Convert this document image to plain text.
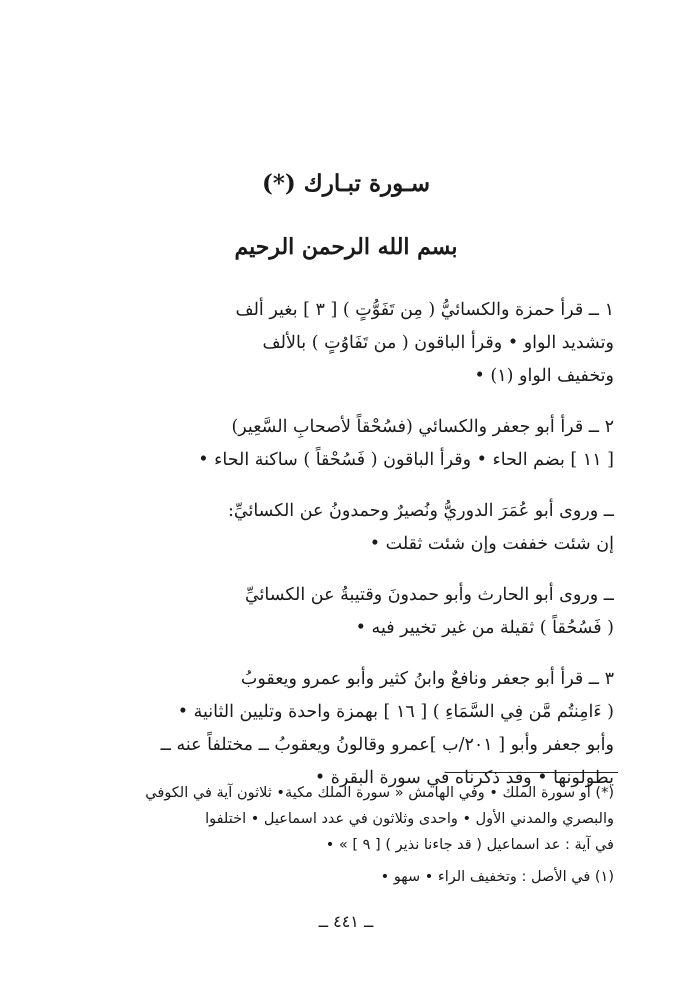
سـورة تبـارك (*)
بسم الله الرحمن الرحيم

١ ــ قرأ حمزة والكسائيُّ ( مِن تَفَوُّتٍ ) [ ٣ ] بغير ألف

وتشديد الواو • وقرأ الباقون ( من تَفَاوُتٍ ) بالألف

وتخفيف الواو (١) •

٢ ــ قرأ أبو جعفر والكسائي (فسُحْقاً لأصحابِ السَّعِير)

[ ١١ ] بضم الحاء • وقرأ الباقون ( فَسُحْقاً ) ساكنة الحاء •

ــ وروى أبو عُمَرَ الدوريُّ ونُصيرٌ وحمدونُ عن الكسائيِّ:

إن شئت خففت وإن شئت ثقلت •

ــ وروى أبو الحارث وأبو حمدونَ وقتيبةُ عن الكسائيِّ

( فَسُحُقاً ) ثقيلة من غير تخيير فيه •

٣ ــ قرأ أبو جعفر ونافعٌ وابنُ كثير وأبو عمرو ويعقوبُ

( ءَامِنتُم مَّن فِي السَّمَاءِ ) [ ١٦ ] بهمزة واحدة وتليين الثانية •

وأبو جعفر وأبو [ ٢٠١/ب ]عمرو وقالونُ ويعقوبُ ــ مختلفاً عنه ــ

يطولونها • وقد ذكرناه في سورة البقرة •

(*) أو سورة الملك • وفي الهامش « سورة الملك مكية• ثلاثون آية في الكوفي

والبصري والمدني الأول • واحدى وثلاثون في عدد اسماعيل • اختلفوا

في آية : عد اسماعيل ( قد جاءنا نذير ) [ ٩ ] » •

(١) في الأصل : وتخفيف الراء • سهو •

ــ ٤٤١ ــ
